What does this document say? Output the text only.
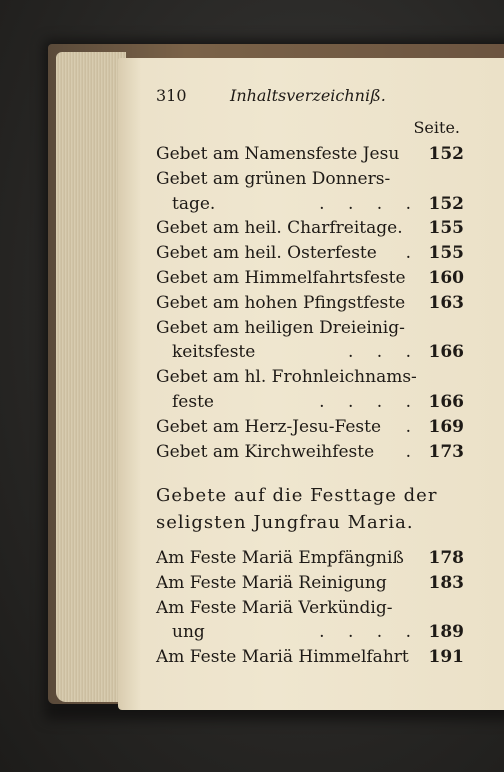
310	Inhaltsverzeichniß.
Seite.
Gebet am Namensfeste Jesu 152
Gebet am grünen Donners-
tage.	. . . . 152
Gebet am heil. Charfreitage. 155
Gebet am heil. Osterfeste . 155
Gebet am Himmelfahrtsfeste 160
Gebet am hohen Pfingstfeste 163
Gebet am heiligen Dreieinig-
keitsfeste	. . . 166
Gebet am hl. Frohnleichnams-
feste	. . . . 166
Gebet am Herz-Jesu-Feste . 169
Gebet am Kirchweihfeste . 173
Gebete auf die Festtage der
seligsten Jungfrau Maria.
Am Feste Mariä Empfängniß 178
Am Feste Mariä Reinigung 183
Am Feste Mariä Verkündig-
ung	. . . . 189
Am Feste Mariä Himmelfahrt 191
